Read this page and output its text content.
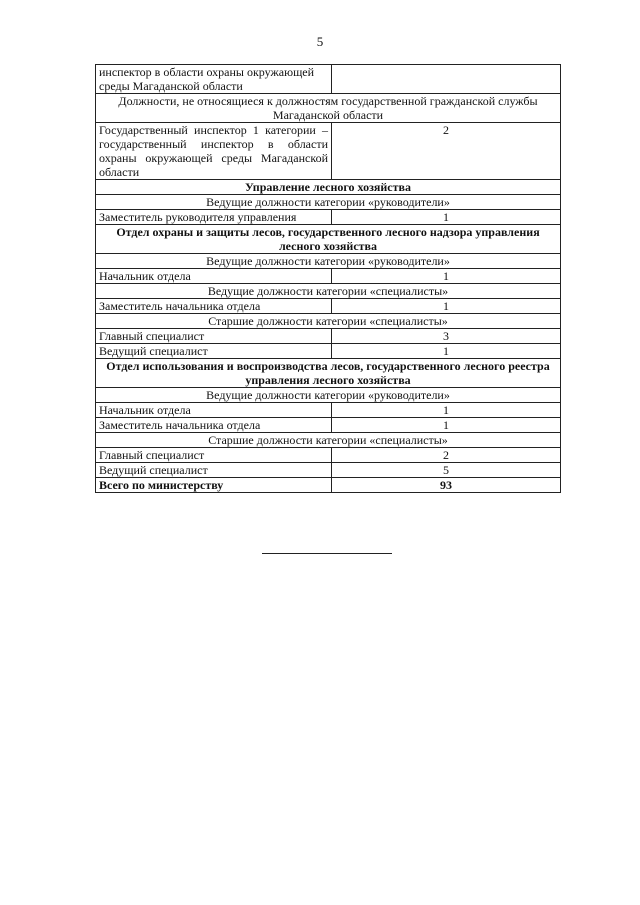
5
инспектор в области охраны окружающей среды Магаданской области	
Должности, не относящиеся к должностям государственной гражданской службы Магаданской области	
Государственный инспектор 1 категории – государственный инспектор в области охраны окружающей среды Магаданской области	2
Управление лесного хозяйства	
Ведущие должности категории «руководители»	
Заместитель руководителя управления	1
Отдел охраны и защиты лесов, государственного лесного надзора управления лесного хозяйства	
Ведущие должности категории «руководители»	
Начальник отдела	1
Ведущие должности категории «специалисты»	
Заместитель начальника отдела	1
Старшие должности категории «специалисты»	
Главный специалист	3
Ведущий специалист	1
Отдел использования и воспроизводства лесов, государственного лесного реестра управления лесного хозяйства	
Ведущие должности категории «руководители»	
Начальник отдела	1
Заместитель начальника отдела	1
Старшие должности категории «специалисты»	
Главный специалист	2
Ведущий специалист	5
Всего по министерству	93
